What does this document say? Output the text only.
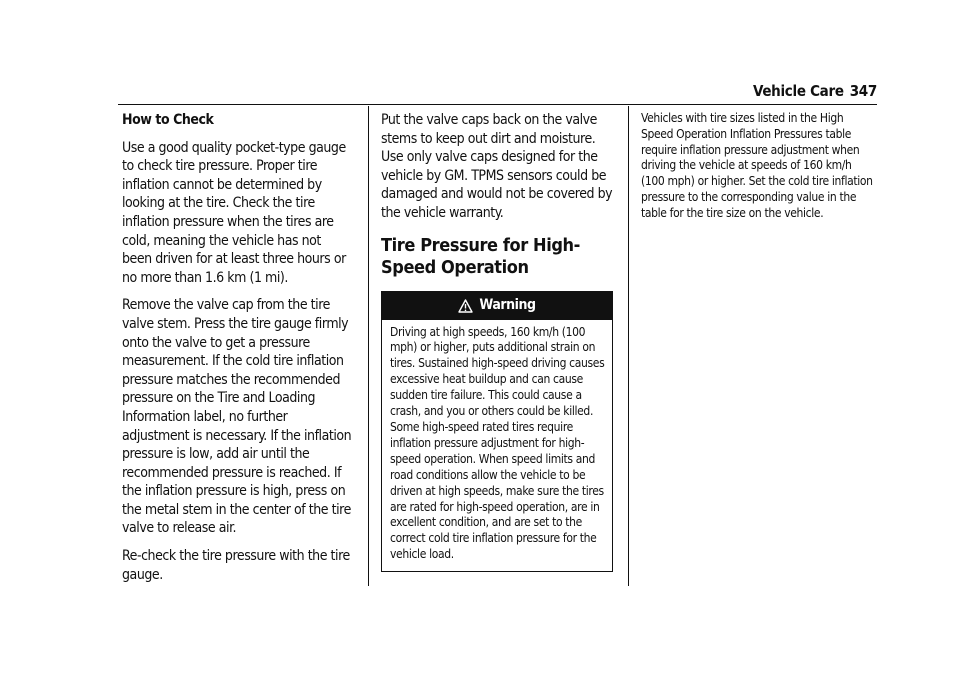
Vehicle Care 347

How to Check

Use a good quality pocket-type gauge to check tire pressure. Proper tire inflation cannot be determined by looking at the tire. Check the tire inflation pressure when the tires are cold, meaning the vehicle has not been driven for at least three hours or no more than 1.6 km (1 mi).

Remove the valve cap from the tire valve stem. Press the tire gauge firmly onto the valve to get a pressure measurement. If the cold tire inflation pressure matches the recommended pressure on the Tire and Loading Information label, no further adjustment is necessary. If the inflation pressure is low, add air until the recommended pressure is reached. If the inflation pressure is high, press on the metal stem in the center of the tire valve to release air.

Re-check the tire pressure with the tire gauge.

Put the valve caps back on the valve stems to keep out dirt and moisture. Use only valve caps designed for the vehicle by GM. TPMS sensors could be damaged and would not be covered by the vehicle warranty.

Tire Pressure for High-Speed Operation
Warning
Driving at high speeds, 160 km/h (100 mph) or higher, puts additional strain on tires. Sustained high-speed driving causes excessive heat buildup and can cause sudden tire failure. This could cause a crash, and you or others could be killed. Some high-speed rated tires require inflation pressure adjustment for high-speed operation. When speed limits and road conditions allow the vehicle to be driven at high speeds, make sure the tires are rated for high-speed operation, are in excellent condition, and are set to the correct cold tire inflation pressure for the vehicle load.

Vehicles with tire sizes listed in the High Speed Operation Inflation Pressures table require inflation pressure adjustment when driving the vehicle at speeds of 160 km/h (100 mph) or higher. Set the cold tire inflation pressure to the corresponding value in the table for the tire size on the vehicle.
